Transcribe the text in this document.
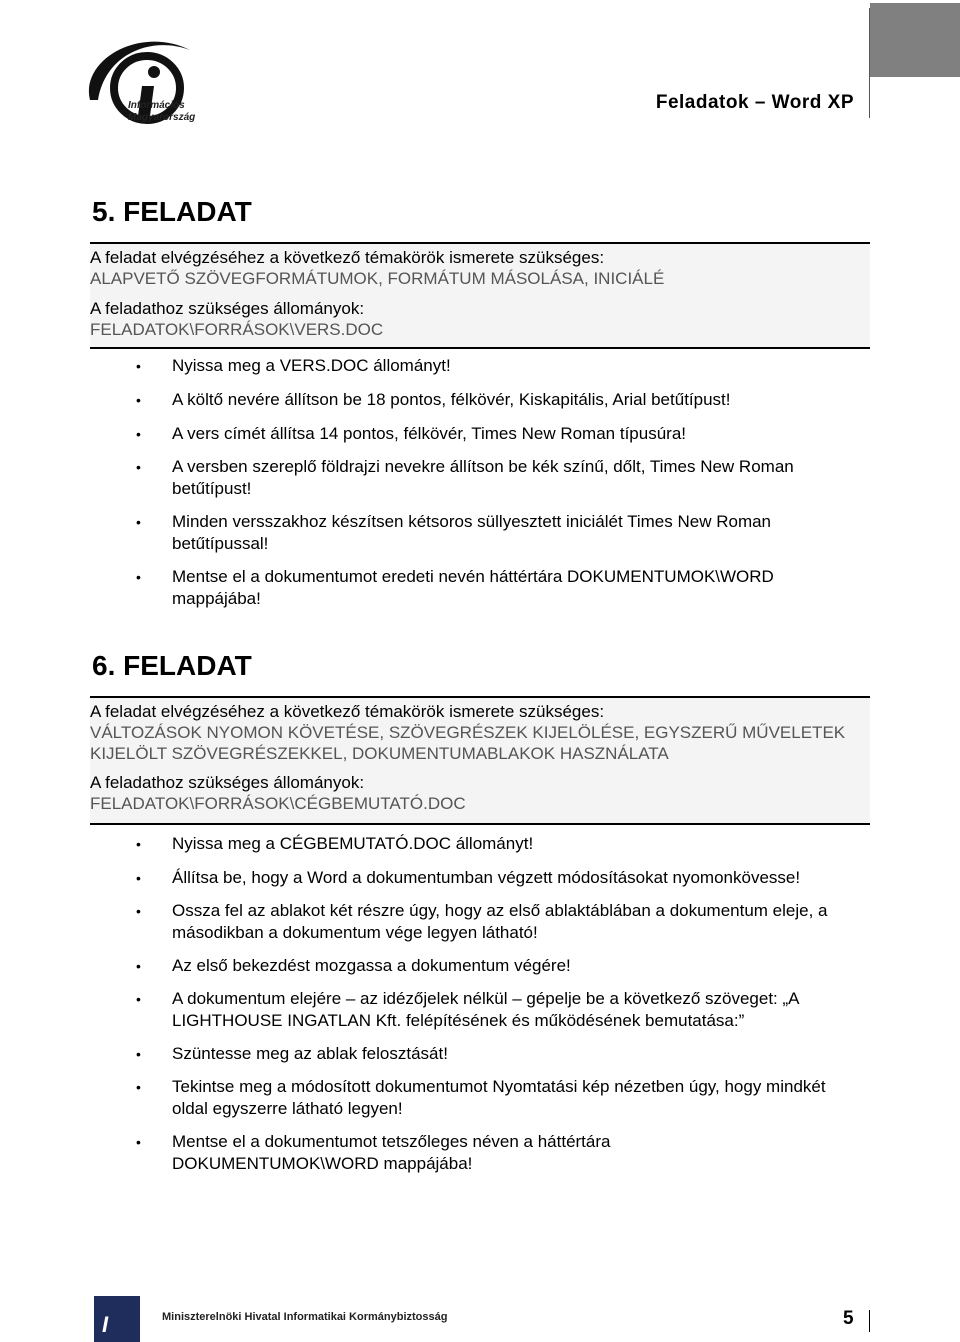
Információs
Magyarország
Feladatok – Word XP
5. FELADAT

A feladat elvégzéséhez a következő témakörök ismerete szükséges:

ALAPVETŐ SZÖVEGFORMÁTUMOK, FORMÁTUM MÁSOLÁSA, INICIÁLÉ

A feladathoz szükséges állományok:

FELADATOK\FORRÁSOK\VERS.DOC

• Nyissa meg a VERS.DOC állományt!
• A költő nevére állítson be 18 pontos, félkövér, Kiskapitális, Arial betűtípust!
• A vers címét állítsa 14 pontos, félkövér, Times New Roman típusúra!
• A versben szereplő földrajzi nevekre állítson be kék színű, dőlt, Times New Roman betűtípust!
• Minden versszakhoz készítsen kétsoros süllyesztett iniciálét Times New Roman betűtípussal!
• Mentse el a dokumentumot eredeti nevén háttértára DOKUMENTUMOK\WORD mappájába!
6. FELADAT

A feladat elvégzéséhez a következő témakörök ismerete szükséges:

VÁLTOZÁSOK NYOMON KÖVETÉSE, SZÖVEGRÉSZEK KIJELÖLÉSE, EGYSZERŰ MŰVELETEK KIJELÖLT SZÖVEGRÉSZEKKEL, DOKUMENTUMABLAKOK HASZNÁLATA

A feladathoz szükséges állományok:

FELADATOK\FORRÁSOK\CÉGBEMUTATÓ.DOC

• Nyissa meg a CÉGBEMUTATÓ.DOC állományt!
• Állítsa be, hogy a Word a dokumentumban végzett módosításokat nyomonkövesse!
• Ossza fel az ablakot két részre úgy, hogy az első ablaktáblában a dokumentum eleje, a másodikban a dokumentum vége legyen látható!
• Az első bekezdést mozgassa a dokumentum végére!
• A dokumentum elejére – az idézőjelek nélkül – gépelje be a következő szöveget: „A LIGHTHOUSE INGATLAN Kft. felépítésének és működésének bemutatása:”
• Szüntesse meg az ablak felosztását!
• Tekintse meg a módosított dokumentumot Nyomtatási kép nézetben úgy, hogy mindkét oldal egyszerre látható legyen!
• Mentse el a dokumentumot tetszőleges néven a háttértára DOKUMENTUMOK\WORD mappájába!
I	Miniszterelnöki Hivatal Informatikai Kormánybiztosság	5
